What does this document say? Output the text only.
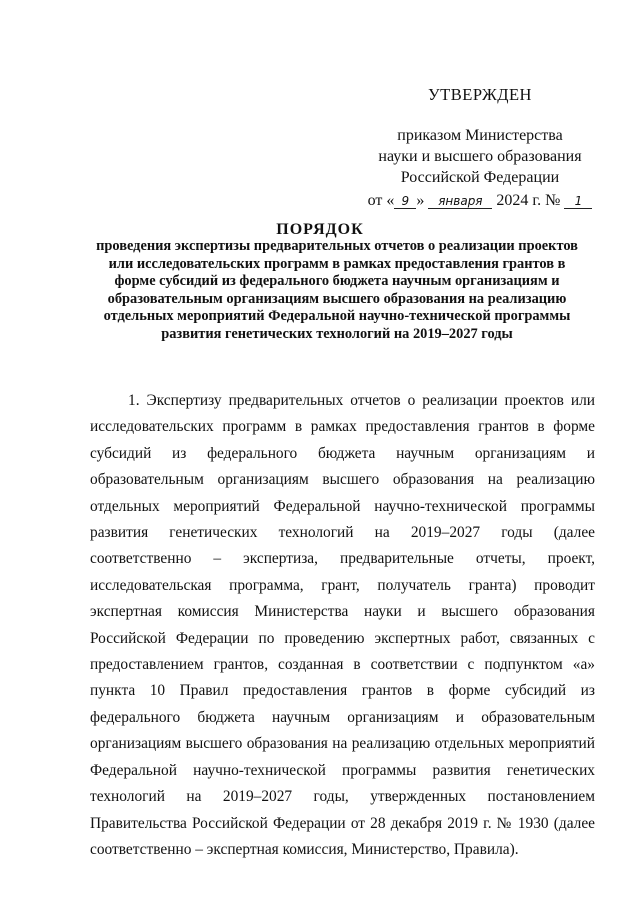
УТВЕРЖДЕН
приказом Министерства
науки и высшего образования
Российской Федерации
от « 9 » января 2024 г. № 1
ПОРЯДОК
проведения экспертизы предварительных отчетов о реализации проектов или исследовательских программ в рамках предоставления грантов в форме субсидий из федерального бюджета научным организациям и образовательным организациям высшего образования на реализацию отдельных мероприятий Федеральной научно-технической программы развития генетических технологий на 2019–2027 годы
1. Экспертизу предварительных отчетов о реализации проектов или исследовательских программ в рамках предоставления грантов в форме субсидий из федерального бюджета научным организациям и образовательным организациям высшего образования на реализацию отдельных мероприятий Федеральной научно-технической программы развития генетических технологий на 2019–2027 годы (далее соответственно – экспертиза, предварительные отчеты, проект, исследовательская программа, грант, получатель гранта) проводит экспертная комиссия Министерства науки и высшего образования Российской Федерации по проведению экспертных работ, связанных с предоставлением грантов, созданная в соответствии с подпунктом «а» пункта 10 Правил предоставления грантов в форме субсидий из федерального бюджета научным организациям и образовательным организациям высшего образования на реализацию отдельных мероприятий Федеральной научно-технической программы развития генетических технологий на 2019–2027 годы, утвержденных постановлением Правительства Российской Федерации от 28 декабря 2019 г. № 1930 (далее соответственно – экспертная комиссия, Министерство, Правила).
